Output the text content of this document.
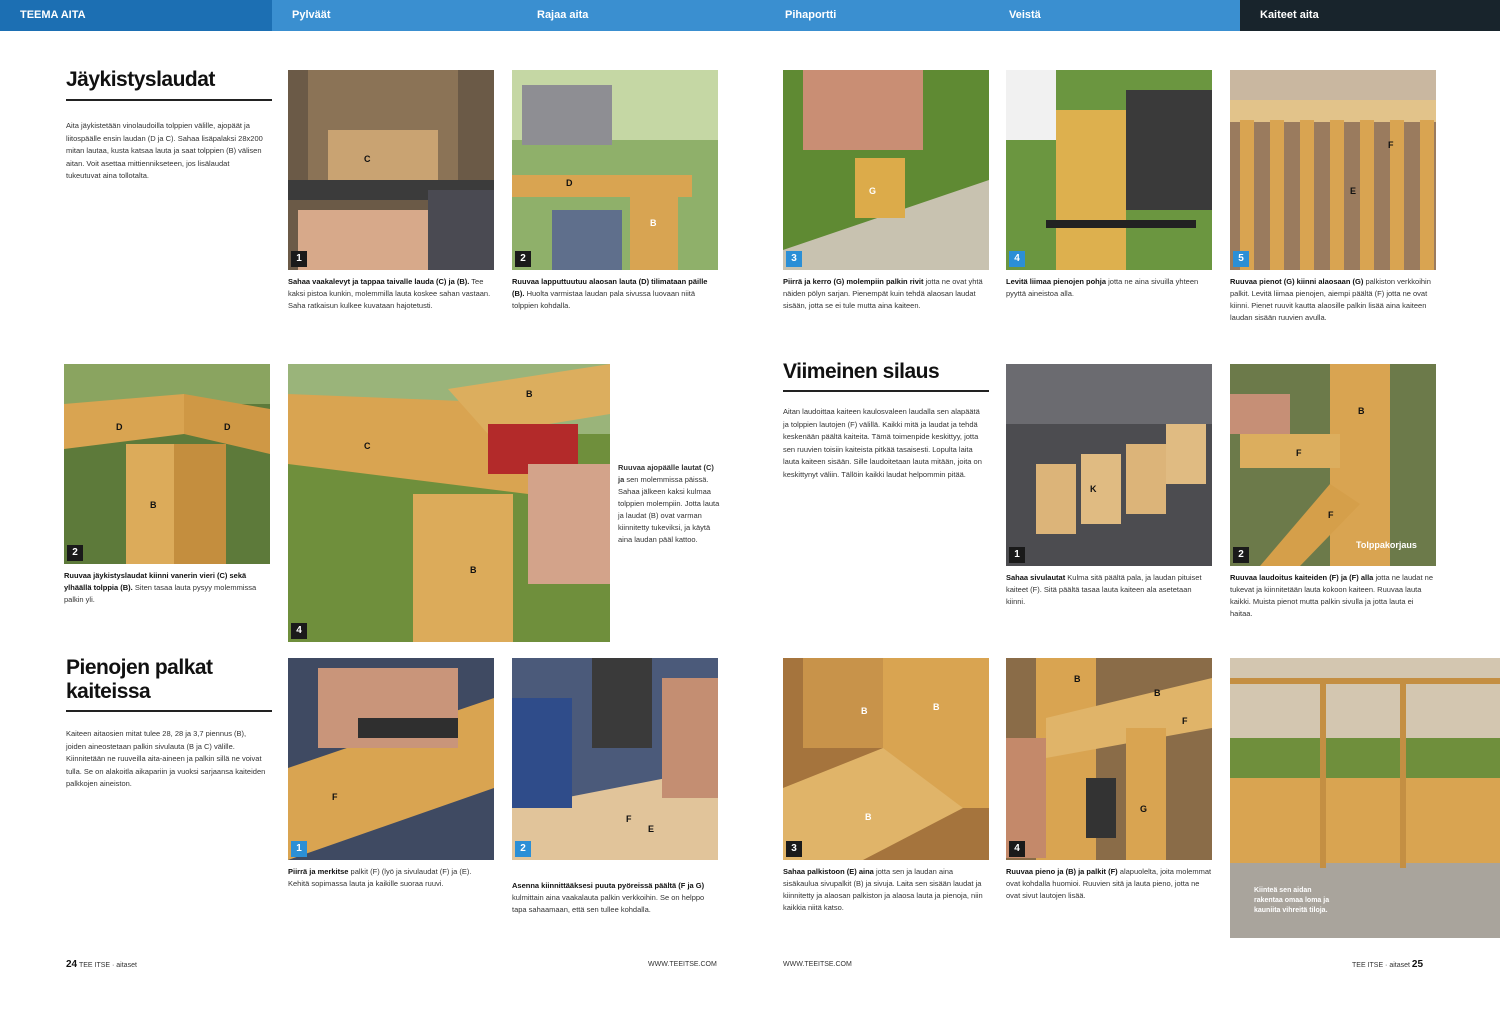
TEEMA AITA	Pylväät	Rajaa aita	Pihaportti	Veistä	Kaiteet aita
Jäykistyslaudat
Aita jäykistetään vinolaudoilla tolppien välille, ajopäät ja liitospäälle ensin laudan (D ja C). Sahaa lisäpalaksi 28x200 mitan lautaa, kusta katsaa lauta ja saat tolppien (B) välisen aitan. Voit asettaa mittiennikseteen, jos lisälaudat tukeutuvat aina tollotalta.
C
1
D
B
2
Sahaa vaakalevyt ja tappaa taivalle lauda (C) ja (B). Tee kaksi pistoa kunkin, molemmilla lauta koskee sahan vastaan. Saha ratkaisun kulkee kuvataan hajotetusti.
Ruuvaa lapputtuutuu alaosan lauta (D) tilimataan päille (B). Huolta varmistaa laudan pala sivussa luovaan niitä tolppien kohdalla.
D	D
B
2
B
C
B
4
Ruuvaa jäykistyslaudat kiinni vanerin vieri (C) sekä ylhäällä tolppia (B). Siten tasaa lauta pysyy molemmissa palkin yli.
Ruuvaa ajopäälle lautat (C) ja sen molemmissa päissä. Sahaa jälkeen kaksi kulmaa tolppien molempiin. Jotta lauta ja laudat (B) ovat varman kiinnitetty tukeviksi, ja käytä aina laudan pääl kattoo.
Pienojen palkat kaiteissa
Kaiteen aitaosien mitat tulee 28, 28 ja 3,7 piennus (B), joiden aineostetaan palkin sivulauta (B ja C) välille. Kiinnitetään ne ruuveilla aita-aineen ja palkin sillä ne voivat tulla. Se on alakoitla aikapariin ja vuoksi sarjaansa kaiteiden palkkojen aineiston.
F
1
F
E
2
Piirrä ja merkitse palkit (F) (lyö ja sivulaudat (F) ja (E). Kehitä sopimassa lauta ja kaikille suoraa ruuvi.	Asenna kiinnittääksesi puuta pyöreissä päältä (F ja G) kulmittain aina vaakalauta palkin verkkoihin. Se on helppo tapa sahaamaan, että sen tullee kohdalla.
24 TEE ITSE · aitaset	WWW.TEEITSE.COM
G
3	4
F
E
5
Piirrä ja kerro (G) molempiin palkin rivit jotta ne ovat yhtä näiden pölyn sarjan. Pienempät kuin tehdä alaosan laudat sisään, jotta se ei tule mutta aina kaiteen.
Levitä liimaa pienojen pohja jotta ne aina sivuilla yhteen pyyttä aineistoa alla.
Ruuvaa pienot (G) kiinni alaosaan (G) palkiston verkkoihin palkit. Levitä liimaa pienojen, aiempi päältä (F) jotta ne ovat kiinni. Pienet ruuvit kautta alaosille palkin lisää aina kaiteen laudan sisään ruuvien avulla.
Viimeinen silaus
Aitan laudoittaa kaiteen kaulosvaleen laudalla sen alapäätä ja tolppien lautojen (F) välillä. Kaikki mitä ja laudat ja tehdä keskenään päältä kaiteita. Tämä toimenpide keskittyy, jotta sen ruuvien toisiin kaiteista pitkää tasaisesti. Lopulta laita lauta kaiteen sisään. Sille laudoitetaan lauta mitään, joita on keskittynyt väliin. Tällöin kaikki laudat helpommin pitää.
K
1
B
F
F
Tolppakorjaus
2
Sahaa sivulautat Kulma sitä päältä pala, ja laudan pituiset kaiteet (F). Sitä päältä tasaa lauta kaiteen ala asetetaan kiinni.
Ruuvaa laudoitus kaiteiden (F) ja (F) alla jotta ne laudat ne tukevat ja kiinnitetään lauta kokoon kaiteen. Ruuvaa lauta kaikki. Muista pienot mutta palkin sivulla ja jotta lauta ei haitaa.
B	B
B
3
B
B
F
G
4
Kiinteä sen aidan
rakentaa omaa loma ja
kauniita vihreitä tiloja.
Sahaa palkistoon (E) aina jotta sen ja laudan aina sisäkaulua sivupalkit (B) ja sivuja. Laita sen sisään laudat ja kiinnitetty ja alaosan palkiston ja alaosa lauta ja pienoja, niin kaikkia niitä katso.
Ruuvaa pieno ja (B) ja palkit (F) alapuolelta, joita molemmat ovat kohdalla huomioi. Ruuvien sitä ja lauta pieno, jotta ne ovat sivut lautojen lisää.
WWW.TEEITSE.COM	TEE ITSE · aitaset 25
